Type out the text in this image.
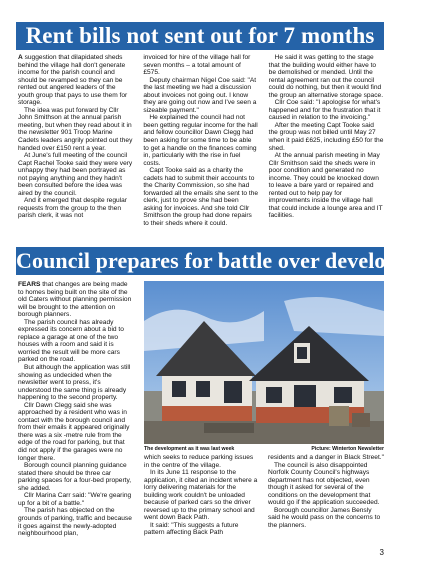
Rent bills not sent out for 7 months

A suggestion that dilapidated sheds behind the village hall don't generate income for the parish council and should be revamped so they can be rented out angered leaders of the youth group that pays to use them for storage.

The idea was put forward by Cllr John Smithson at the annual parish meeting, but when they read about it in the newsletter 901 Troop Marine Cadets leaders angrily pointed out they handed over £150 rent a year.

At June's full meeting of the council Capt Rachel Tooke said they were very unhappy they had been portrayed as not paying anything and they hadn't been consulted before the idea was aired by the council.

And it emerged that despite regular requests from the group to the then parish clerk, it was not

invoiced for hire of the village hall for seven months – a total amount of £575.

Deputy chairman Nigel Coe said: "At the last meeting we had a discussion about invoices not going out. I know they are going out now and I've seen a sizeable payment."

He explained the council had not been getting regular income for the hall and fellow councillor Dawn Clegg had been asking for some time to be able to get a handle on the finances coming in, particularly with the rise in fuel costs.

Capt Tooke said as a charity the cadets had to submit their accounts to the Charity Commission, so she had forwarded all the emails she sent to the clerk, just to prove she had been asking for invoices. And she told Cllr Smithson the group had done repairs to their sheds where it could.

He said it was getting to the stage that the building would either have to be demolished or mended. Until the rental agreement ran out the council could do nothing, but then it would find the group an alternative storage space.

Cllr Coe said: "I apologise for what's happened and for the frustration that it caused in relation to the invoicing."

After the meeting Capt Tooke said the group was not billed until May 27 when it paid £625, including £50 for the shed.

At the annual parish meeting in May Cllr Smithson said the sheds were in poor condition and generated no income. They could be knocked down to leave a bare yard or repaired and rented out to help pay for improvements inside the village hall that could include a lounge area and IT facilities.

Council prepares for battle over development

FEARS that changes are being made to homes being built on the site of the old Caters without planning permission will be brought to the attention on borough planners.

The parish council has already expressed its concern about a bid to replace a garage at one of the two houses with a room and said it is worried the result will be more cars parked on the road.

But although the application was still showing as undecided when the newsletter went to press, it's understood the same thing is already happening to the second property.

Cllr Dawn Clegg said she was approached by a resident who was in contact with the borough council and from their emails it appeared originally there was a six -metre rule from the edge of the road for parking, but that did not apply if the garages were no longer there.

Borough council planning guidance stated there should be three car parking spaces for a four-bed property, she added.

Cllr Marina Carr said: "We're gearing up for a bit of a battle."

The parish has objected on the grounds of parking, traffic and because it goes against the newly-adopted neighbourhood plan,

The development as it was last week	Picture: Winterton Newsletter

which seeks to reduce parking issues in the centre of the village.

In its June 11 response to the application, it cited an incident where a lorry delivering materials for the building work couldn't be unloaded because of parked cars so the driver reversed up to the primary school and went down Back Path.

It said: "This suggests a future pattern affecting Back Path

residents and a danger in Black Street."

The council is also disappointed Norfolk County Council's highways department has not objected, even though it asked for several of the conditions on the development that would go if the application succeeded.

Borough councillor James Bensly said he would pass on the concerns to the planners.

3
